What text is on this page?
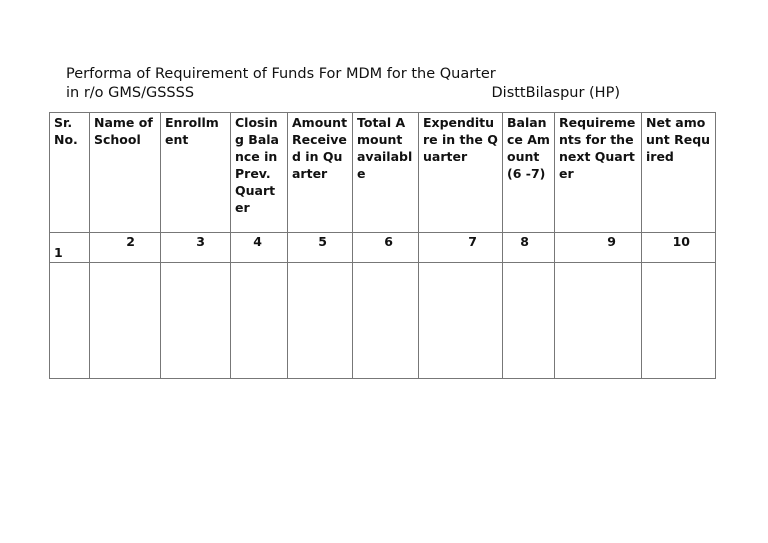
Performa of Requirement of Funds For MDM for the Quarter
in r/o GMS/GSSSS	DisttBilaspur (HP)
Sr. No.	Name of School	Enrollment	Closing Balance in Prev. Quarter	Amount Received in Quarter	Total Amount available	Expenditure in the Quarter	Balance Amount (6 -7)	Requirements for the next Quarter	Net amount Required
1	2	3	4	5	6	7	8	9	10
